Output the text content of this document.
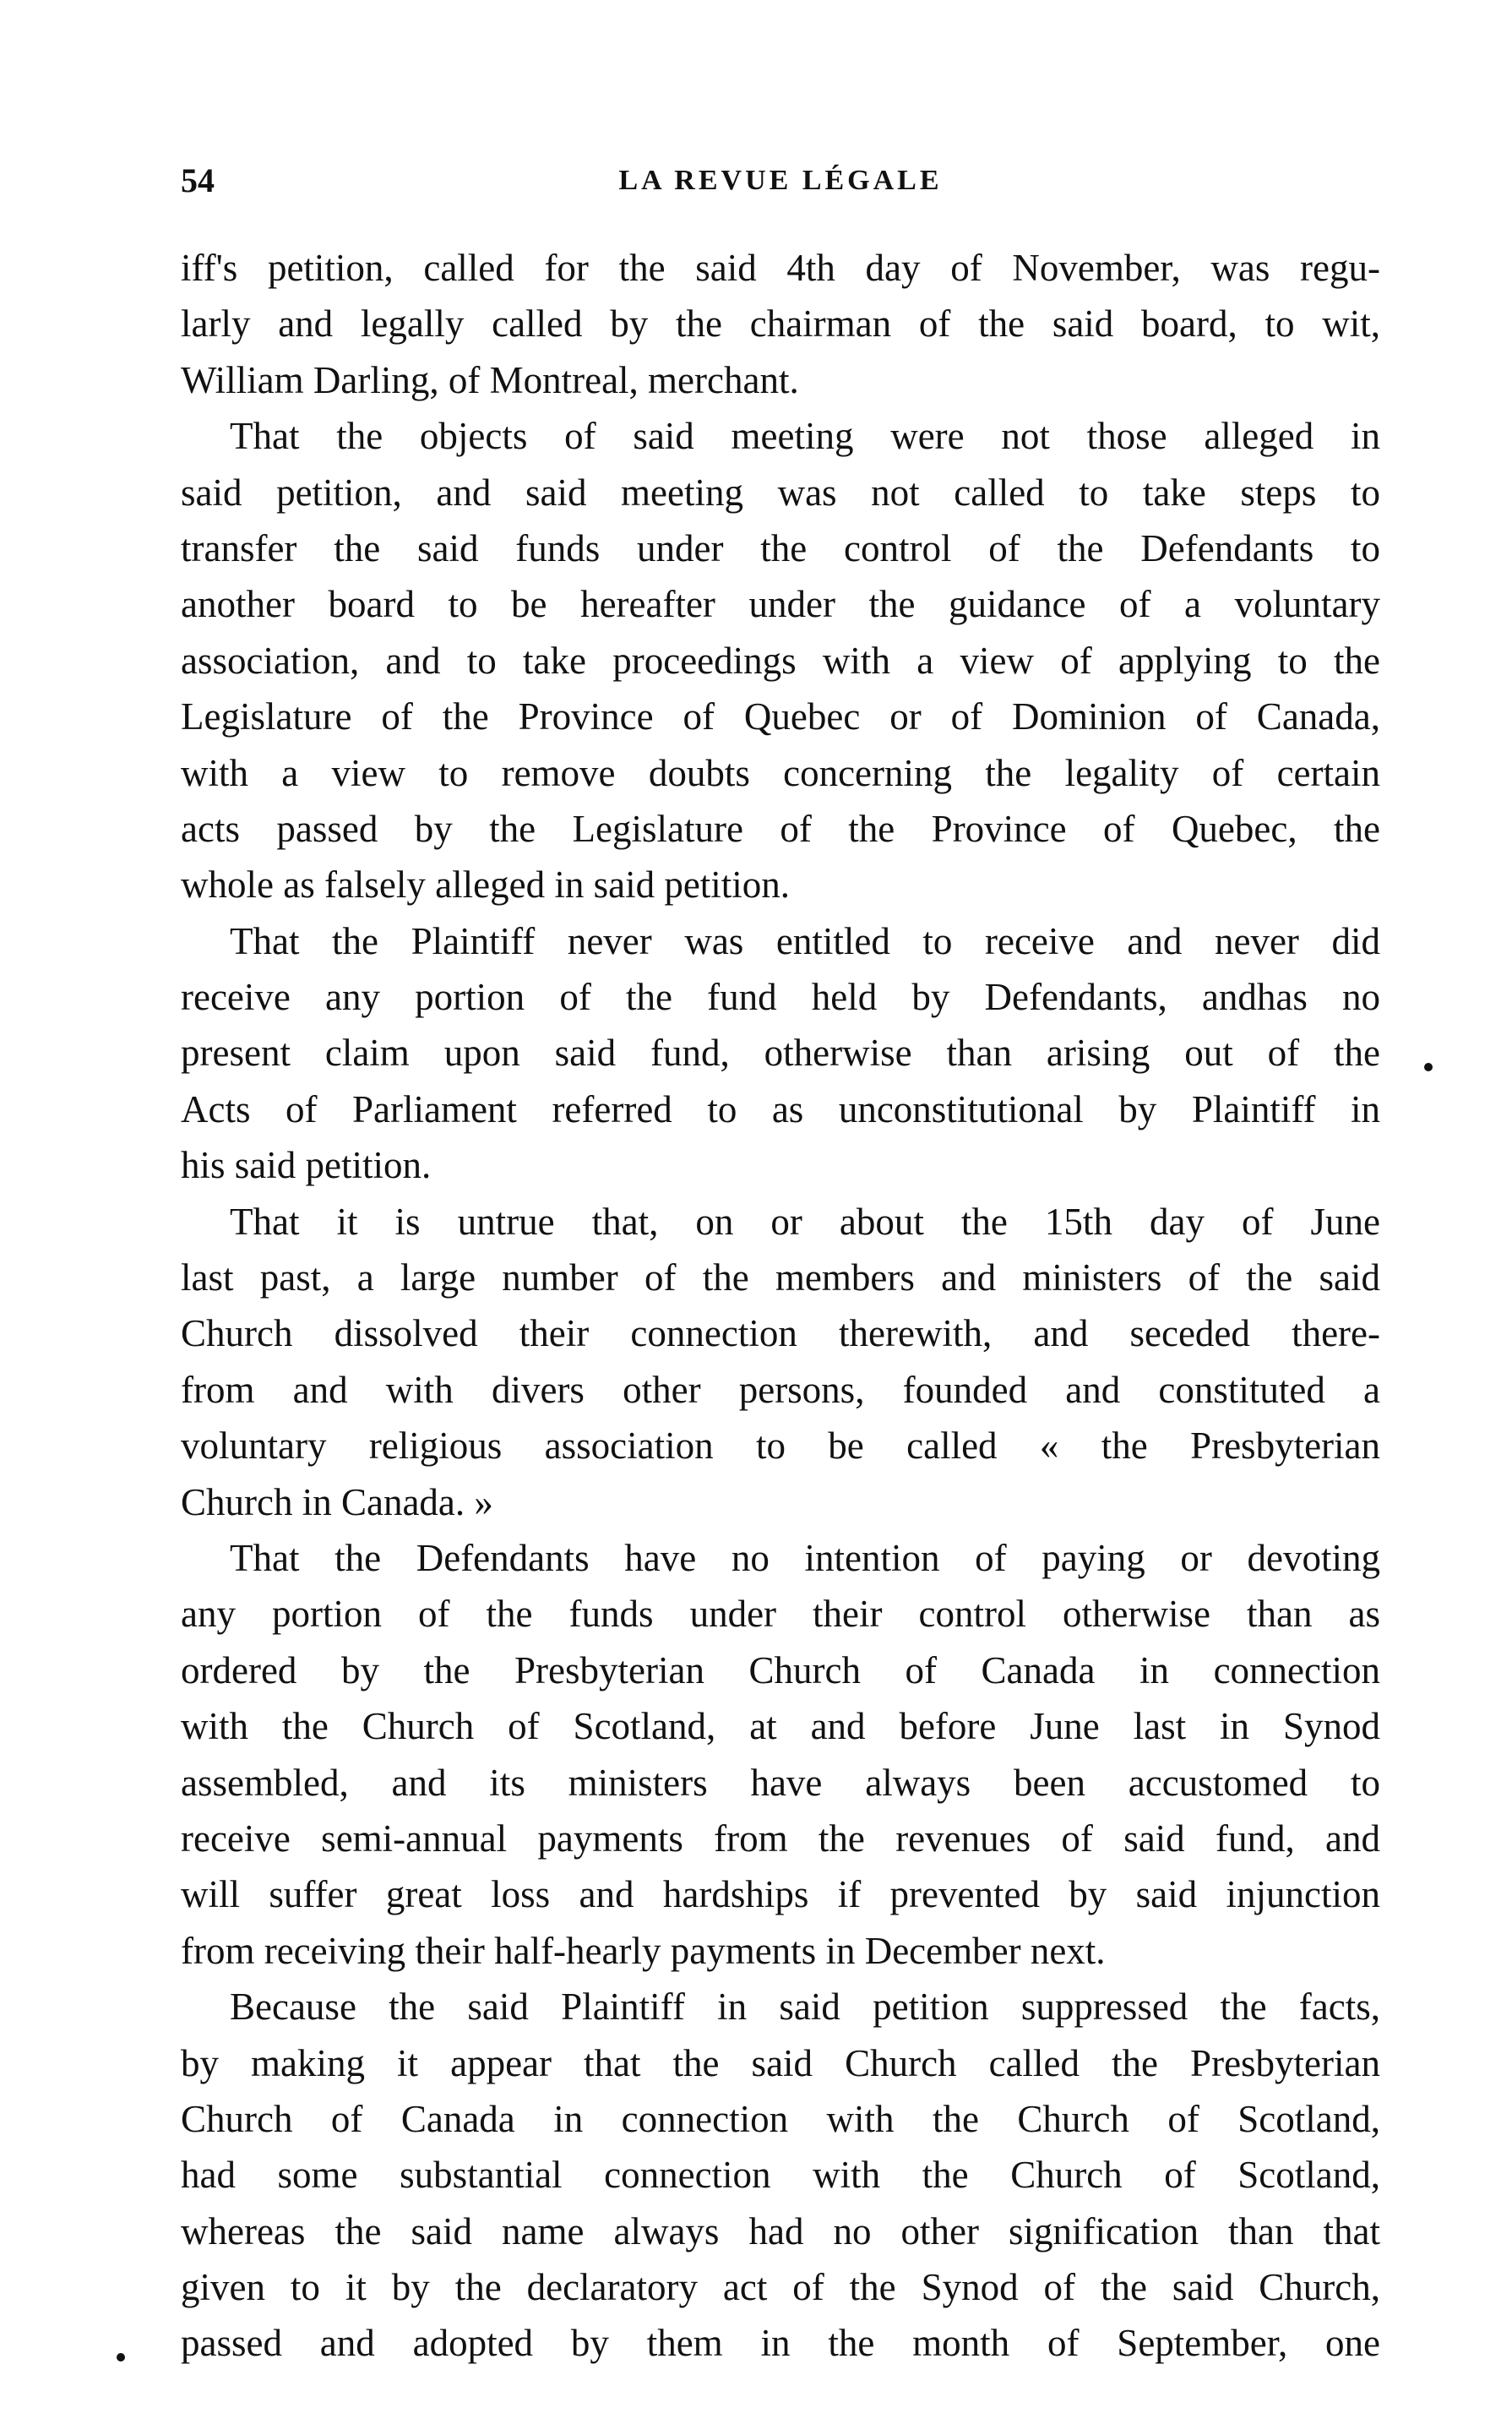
54	LA REVUE LÉGALE
iff's petition, called for the said 4th day of November, was regu-
larly and legally called by the chairman of the said board, to wit,
William Darling, of Montreal, merchant.
That the objects of said meeting were not those alleged in
said petition, and said meeting was not called to take steps to
transfer the said funds under the control of the Defendants to
another board to be hereafter under the guidance of a voluntary
association, and to take proceedings with a view of applying to the
Legislature of the Province of Quebec or of Dominion of Canada,
with a view to remove doubts concerning the legality of certain
acts passed by the Legislature of the Province of Quebec, the
whole as falsely alleged in said petition.
That the Plaintiff never was entitled to receive and never did
receive any portion of the fund held by Defendants, andhas no
present claim upon said fund, otherwise than arising out of the
Acts of Parliament referred to as unconstitutional by Plaintiff in
his said petition.
That it is untrue that, on or about the 15th day of June
last past, a large number of the members and ministers of the said
Church dissolved their connection therewith, and seceded there-
from and with divers other persons, founded and constituted a
voluntary religious association to be called « the Presbyterian
Church in Canada. »
That the Defendants have no intention of paying or devoting
any portion of the funds under their control otherwise than as
ordered by the Presbyterian Church of Canada in connection
with the Church of Scotland, at and before June last in Synod
assembled, and its ministers have always been accustomed to
receive semi-annual payments from the revenues of said fund, and
will suffer great loss and hardships if prevented by said injunction
from receiving their half-hearly payments in December next.
Because the said Plaintiff in said petition suppressed the facts,
by making it appear that the said Church called the Presbyterian
Church of Canada in connection with the Church of Scotland,
had some substantial connection with the Church of Scotland,
whereas the said name always had no other signification than that
given to it by the declaratory act of the Synod of the said Church,
passed and adopted by them in the month of September, one
